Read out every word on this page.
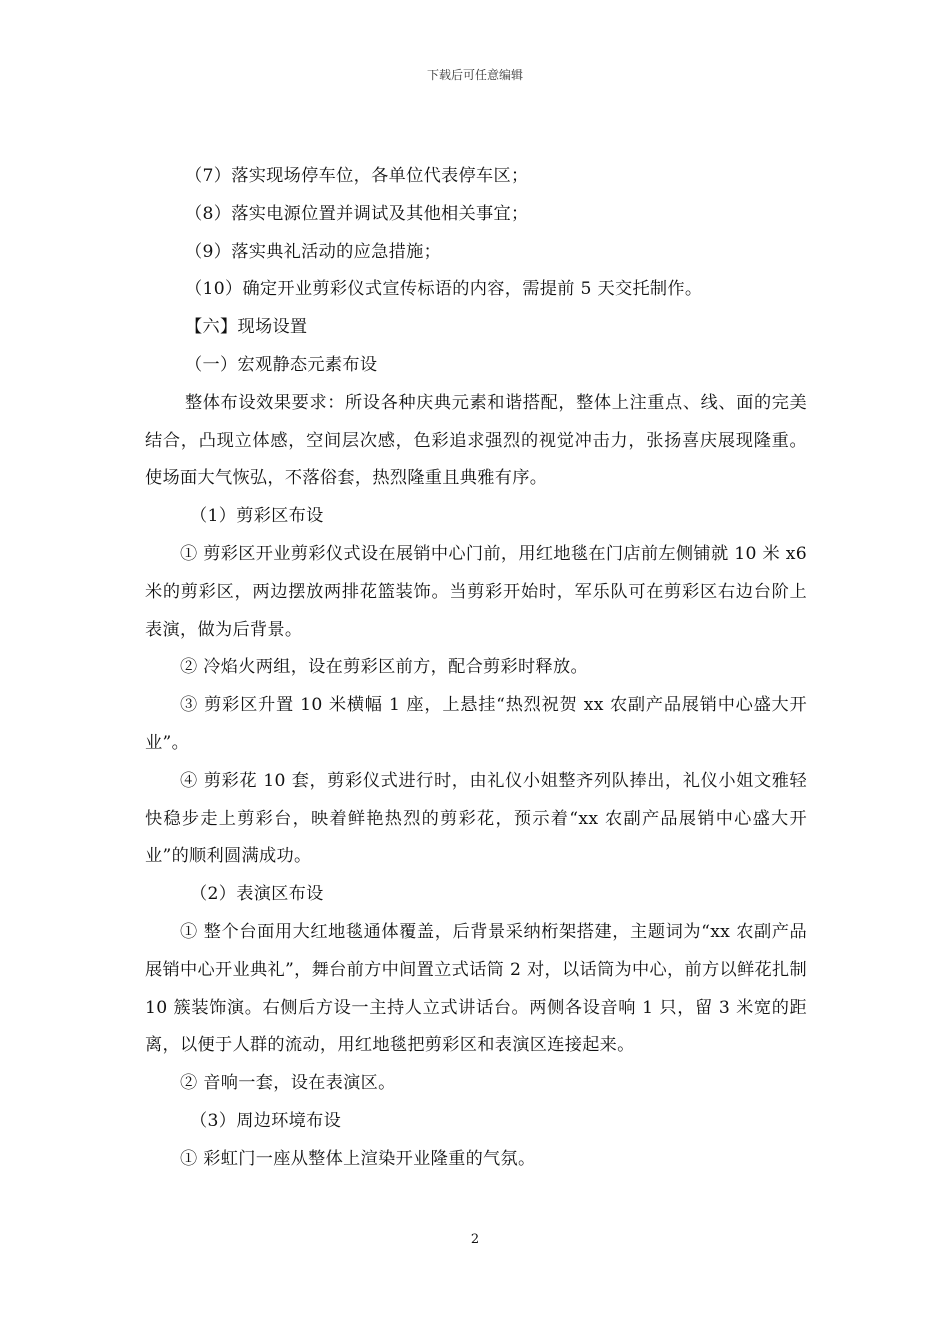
下载后可任意编辑

（7）落实现场停车位，各单位代表停车区；

（8）落实电源位置并调试及其他相关事宜；

（9）落实典礼活动的应急措施；

（10）确定开业剪彩仪式宣传标语的内容，需提前 5 天交托制作。

【六】现场设置

（一）宏观静态元素布设

整体布设效果要求：所设各种庆典元素和谐搭配，整体上注重点、线、面的完美结合，凸现立体感，空间层次感，色彩追求强烈的视觉冲击力，张扬喜庆展现隆重。使场面大气恢弘，不落俗套，热烈隆重且典雅有序。

（1）剪彩区布设

① 剪彩区开业剪彩仪式设在展销中心门前，用红地毯在门店前左侧铺就 10 米 x6 米的剪彩区，两边摆放两排花篮装饰。当剪彩开始时，军乐队可在剪彩区右边台阶上表演，做为后背景。

② 冷焰火两组，设在剪彩区前方，配合剪彩时释放。

③ 剪彩区升置 10 米横幅 1 座，上悬挂“热烈祝贺 xx 农副产品展销中心盛大开业”。

④ 剪彩花 10 套，剪彩仪式进行时，由礼仪小姐整齐列队捧出，礼仪小姐文雅轻快稳步走上剪彩台，映着鲜艳热烈的剪彩花，预示着“xx 农副产品展销中心盛大开业”的顺利圆满成功。

（2）表演区布设

① 整个台面用大红地毯通体覆盖，后背景采纳桁架搭建，主题词为“xx 农副产品展销中心开业典礼”，舞台前方中间置立式话筒 2 对，以话筒为中心，前方以鲜花扎制 10 簇装饰演。右侧后方设一主持人立式讲话台。两侧各设音响 1 只，留 3 米宽的距离，以便于人群的流动，用红地毯把剪彩区和表演区连接起来。

② 音响一套，设在表演区。

（3）周边环境布设

① 彩虹门一座从整体上渲染开业隆重的气氛。

2
